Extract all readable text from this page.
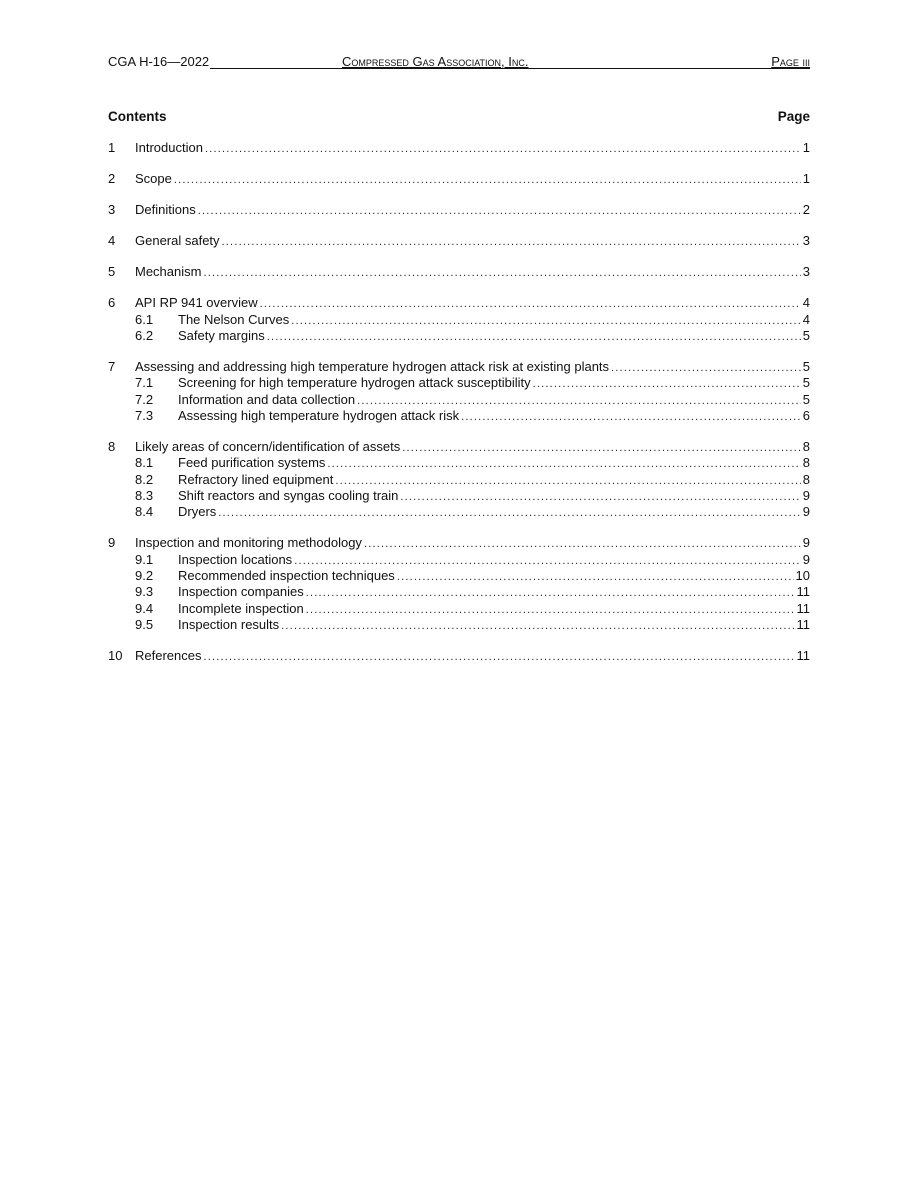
CGA H-16—2022	Compressed Gas Association, Inc.	Page iii
Contents	Page
1	Introduction .....	1
2	Scope .....	1
3	Definitions .....	2
4	General safety .....	3
5	Mechanism .....	3
6	API RP 941 overview .....	4
6.1	The Nelson Curves .....	4
6.2	Safety margins .....	5
7	Assessing and addressing high temperature hydrogen attack risk at existing plants .....	5
7.1	Screening for high temperature hydrogen attack susceptibility .....	5
7.2	Information and data collection .....	5
7.3	Assessing high temperature hydrogen attack risk .....	6
8	Likely areas of concern/identification of assets .....	8
8.1	Feed purification systems .....	8
8.2	Refractory lined equipment .....	8
8.3	Shift reactors and syngas cooling train .....	9
8.4	Dryers .....	9
9	Inspection and monitoring methodology .....	9
9.1	Inspection locations .....	9
9.2	Recommended inspection techniques .....	10
9.3	Inspection companies .....	11
9.4	Incomplete inspection .....	11
9.5	Inspection results .....	11
10 References .....	11
